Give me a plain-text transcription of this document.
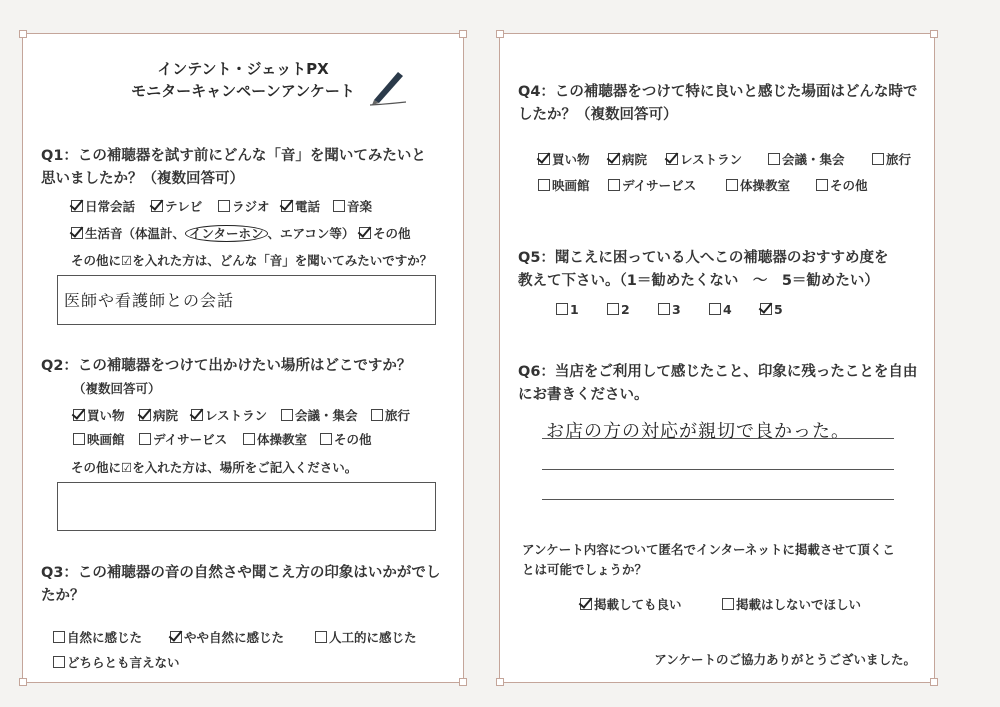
インテント・ジェットPX
モニターキャンペーンアンケート
Q1：この補聴器を試す前にどんな「音」を聞いてみたいと
思いましたか？（複数回答可）
日常会話	テレビ	ラジオ	電話	音楽
生活音（体温計、 インターホン 、エアコン等）	その他
その他に☑を入れた方は、どんな「音」を聞いてみたいですか？
医師や看護師との会話
Q2：この補聴器をつけて出かけたい場所はどこですか？
（複数回答可）
買い物	病院	レストラン	会議・集会	旅行
映画館	デイサービス	体操教室	その他
その他に☑を入れた方は、場所をご記入ください。
Q3：この補聴器の音の自然さや聞こえ方の印象はいかがでし
たか？
自然に感じた	やや自然に感じた	人工的に感じた
どちらとも言えない
Q4：この補聴器をつけて特に良いと感じた場面はどんな時で
したか？（複数回答可）
買い物	病院	レストラン	会議・集会	旅行
映画館	デイサービス	体操教室	その他
Q5：聞こえに困っている人へこの補聴器のおすすめ度を
教えて下さい。（1＝勧めたくない　～　5＝勧めたい）
1	2	3	4	5
Q6：当店をご利用して感じたこと、印象に残ったことを自由
にお書きください。
お店の方の対応が親切で良かった。
アンケート内容について匿名でインターネットに掲載させて頂くこ
とは可能でしょうか？
掲載しても良い	掲載はしないでほしい
アンケートのご協力ありがとうございました。
